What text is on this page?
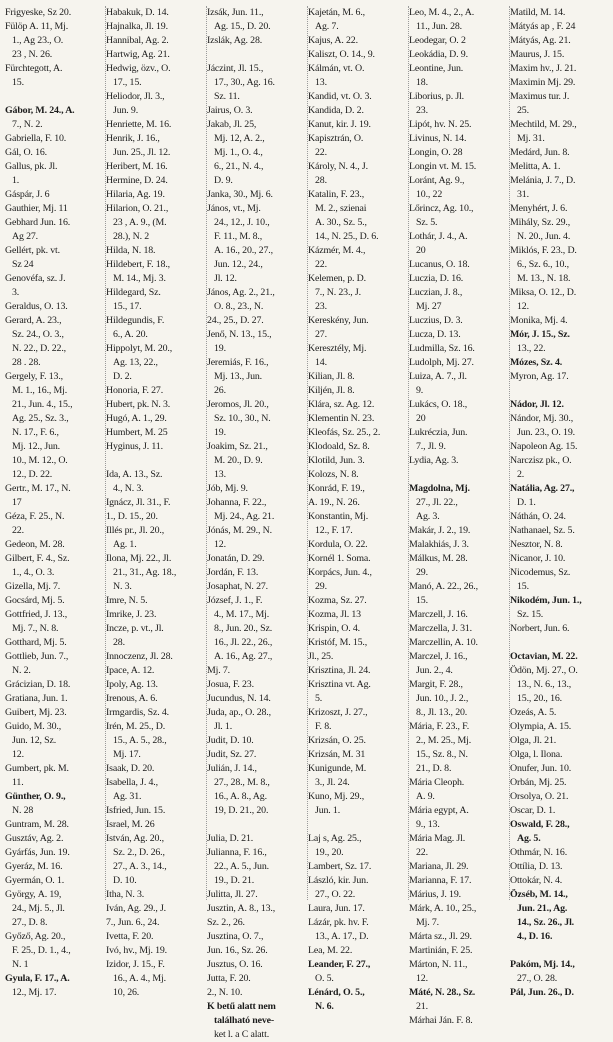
Frigyeske, Sz 20.
Fülöp A. 11, Mj.
1., Ag 23., O.
23 , N. 26.
Fürchtegott, A.
15.

Gábor, M. 24., A.
7., N. 2.
Gabriella, F. 10.
Gál, O. 16.
Gallus, pk. Jl.
1.
Gáspár, J. 6
Gauthier, Mj. 11
Gebhard Jun. 16.
Ag 27.
Gellért, pk. vt.
Sz 24
Genovéfa, sz. J.
3.
Geraldus, O. 13.
Gerard, A. 23.,
Sz. 24., O. 3.,
N. 22., D. 22.,
28 . 28.
Gergely, F. 13.,
M. 1., 16., Mj.
21., Jun. 4., 15.,
Ag. 25., Sz. 3.,
N. 17., F. 6.,
Mj. 12., Jun.
10., M. 12., O.
12., D. 22.
Gertr., M. 17., N.
17
Géza, F. 25., N.
22.
Gedeon, M. 28.
Gilbert, F. 4., Sz.
1., 4., O. 3.
Gizella, Mj. 7.
Gocsárd, Mj. 5.
Gottfried, J. 13.,
Mj. 7., N. 8.
Gotthard, Mj. 5.
Gottlieb, Jun. 7.,
N. 2.
Grácizian, D. 18.
Gratiana, Jun. 1.
Guibert, Mj. 23.
Guido, M. 30.,
Jun. 12, Sz.
12.
Gumbert, pk. M.
11.
Günther, O. 9.,
N. 28
Guntram, M. 28.
Gusztáv, Ag. 2.
Gyárfás, Jun. 19.
Gyeráz, M. 16.
Gyermán, O. 1.
Györgу, A. 19,
24., Mj. 5., Jl.
27., D. 8.
Győző, Ag. 20.,
F. 25., D. 1., 4.,
N. 1
Gyula, F. 17., A.
12., Mj. 17.
Habakuk, D. 14.
Hajnalka, Jl. 19.
Hannibal, Ag. 2.
Hartwig, Ag. 21.
Hedwig, özv., O.
17., 15.
Heliodor, Jl. 3.,
Jun. 9.
Henriette, M. 16.
Henrik, J. 16.,
Jun. 25., Jl. 12.
Heribert, M. 16.
Hermine, D. 24.
Hilaria, Ag. 19.
Hilarion, O. 21.,
23 , A. 9., (M.
28.), N. 2
Hilda, N. 18.
Hildebert, F. 18.,
M. 14., Mj. 3.
Hildegard, Sz.
15., 17.
Hildegundis, F.
6., A. 20.
Hippolyt, M. 20.,
Ag. 13, 22.,
D. 2.
Honoria, F. 27.
Hubert, pk. N. 3.
Hugó, A. 1., 29.
Humbert, M. 25
Hyginus, J. 11.

Ida, A. 13., Sz.
4., N. 3.
Ignácz, Jl. 31., F.
1., D. 15., 20.
Illés pr., Jl. 20.,
Ag. 1.
Ilona, Mj. 22., Jl.
21., 31., Ag. 18.,
N. 3.
Imre, N. 5.
Imrike, J. 23.
Incze, p. vt., Jl.
28.
Innoczenz, Jl. 28.
Ipace, A. 12.
Ipoly, Ag. 13.
Irenous, A. 6.
Irmgardis, Sz. 4.
Irén, M. 25., D.
15., A. 5., 28.,
Mj. 17.
Isaak, D. 20.
Isabella, J. 4.,
Ag. 31.
Isfried, Jun. 15.
Israel, M. 26
István, Ag. 20.,
Sz. 2., D. 26.,
27., A. 3., 14.,
D. 10.
Itha, N. 3.
Iván, Ag. 29., J.
7., Jun. 6., 24.
Ivetta, F. 20.
Ivó, hv., Mj. 19.
Izidor, J. 15., F.
16., A. 4., Mj.
10, 26.
Izsák, Jun. 11.,
Ag. 15., D. 20.
Izslák, Ag. 28.

Jáczint, Jl. 15.,
17., 30., Ag. 16.
Sz. 11.
Jairus, O. 3.
Jakab, Jl. 25,
Mj. 12, A. 2.,
Mj. 1., O. 4.,
6., 21., N. 4.,
D. 9.
Janka, 30., Mj. 6.
János, vt., Mj.
24., 12., J. 10.,
F. 11., M. 8.,
A. 16., 20., 27.,
Jun. 12., 24.,
Jl. 12.
János, Ag. 2., 21.,
O. 8., 23., N.
24., 25., D. 27.
Jenő, N. 13., 15.,
19.
Jeremiás, F. 16.,
Mj. 13., Jun.
26.
Jeromos, Jl. 20.,
Sz. 10., 30., N.
19.
Joakim, Sz. 21.,
M. 20., D. 9.
13.
Jób, Mj. 9.
Johanna, F. 22.,
Mj. 24., Ag. 21.
Jónás, M. 29., N.
12.
Jonatán, D. 29.
Jordán, F. 13.
Josaphat, N. 27.
József, J. 1., F.
4., M. 17., Mj.
8., Jun. 20., Sz.
16., Jl. 22., 26.,
A. 16., Ag. 27.,
Mj. 7.
Josua, F. 23.
Jucundus, N. 14.
Juda, ap., O. 28.,
Jl. 1.
Judit, D. 10.
Judit, Sz. 27.
Julián, J. 14.,
27., 28., M. 8.,
16., A. 8., Ag.
19, D. 21., 20.

Julia, D. 21.
Julianna, F. 16.,
22., A. 5., Jun.
19., D. 21.
Julitta, Jl. 27.
Jusztin, A. 8., 13.,
Sz. 2., 26.
Jusztina, O. 7.,
Jun. 16., Sz. 26.
Jusztus, O. 16.
Jutta, F. 20.
2., N. 10.
K betű alatt nem
található neve-
ket l. a C alatt.
Kajetán, M. 6.,
Ag. 7.
Kajus, A. 22.
Kaliszt, O. 14., 9.
Kálmán, vt. O.
13.
Kandid, vt. O. 3.
Kandida, D. 2.
Kanut, kir. J. 19.
Kapisztrán, O.
22.
Károly, N. 4., J.
28.
Katalin, F. 23.,
M. 2., szienai
A. 30., Sz. 5.,
14., N. 25., D. 6.
Kázmér, M. 4.,
22.
Kelemen, p. D.
7., N. 23., J.
23.
Kereskény, Jun.
27.
Keresztély, Mj.
14.
Kilian, Jl. 8.
Kiljén, Jl. 8.
Klára, sz. Ag. 12.
Klementin N. 23.
Kleofás, Sz. 25., 2.
Klodoald, Sz. 8.
Klotild, Jun. 3.
Kolozs, N. 8.
Konrád, F. 19.,
A. 19., N. 26.
Konstantin, Mj.
12., F. 17.
Kordula, O. 22.
Kornél 1. Soma.
Korpács, Jun. 4.,
29.
Kozma, Sz. 27.
Kozma, Jl. 13
Krispin, O. 4.
Kristóf, M. 15.,
Jl., 25.
Krisztina, Jl. 24.
Krisztina vt. Ag.
5.
Krizoszt, J. 27.,
F. 8.
Krizsán, O. 25.
Krizsán, M. 31
Kunigunde, M.
3., Jl. 24.
Kuno, Mj. 29.,
Jun. 1.

Laj s, Ag. 25.,
19., 20.
Lambert, Sz. 17.
László, kir. Jun.
27., O. 22.
Laura, Jun. 17.
Lázár, pk. hv. F.
13., A. 17., D.
Lea, M. 22.
Leander, F. 27.,
O. 5.
Lénárd, O. 5.,
N. 6.
Leo, M. 4., 2., A.
11., Jun. 28.
Leodegar, O. 2
Leokádia, D. 9.
Leontine, Jun.
18.
Liborius, p. Jl.
23.
Lipót, hv. N. 25.
Livinus, N. 14.
Longin, O. 28
Longin vt. M. 15.
Loránt, Ag. 9.,
10., 22
Lőrincz, Ag. 10.,
Sz. 5.
Lothár, J. 4., A.
20
Lucanus, O. 18.
Luczia, D. 16.
Luczian, J. 8.,
Mj. 27
Luczius, D. 3.
Lucza, D. 13.
Ludmilla, Sz. 16.
Ludolph, Mj. 27.
Luiza, A. 7., Jl.
9.
Lukács, O. 18.,
20
Lukréczia, Jun.
7., Jl. 9.
Lydia, Ag. 3.

Magdolna, Mj.
27., Jl. 22.,
Ag. 3.
Makár, J. 2., 19.
Malakhiás, J. 3.
Málkus, M. 28.
29.
Manó, A. 22., 26.,
15.
Marczell, J. 16.
Marczella, J. 31.
Marczellin, A. 10.
Marczel, J. 16.,
Jun. 2., 4.
Margit, F. 28.,
Jun. 10., J. 2.,
8., Jl. 13., 20.
Mária, F. 23., F.
2., M. 25., Mj.
15., Sz. 8., N.
21., D. 8.
Mária Cleoph.
A. 9.
Mária egypt, A.
9., 13.
Mária Mag. Jl.
22.
Mariana, Jl. 29.
Marianna, F. 17.
Márius, J. 19.
Márk, A. 10., 25.,
Mj. 7.
Márta sz., Jl. 29.
Martinián, F. 25.
Márton, N. 11.,
12.
Máté, N. 28., Sz.
21.
Márhai Ján. F. 8.
Matild, M. 14.
Mátyás ap , F. 24
Mátyás, Ag. 21.
Maurus, J. 15.
Maxim hv., J. 21.
Maximin Mj. 29.
Maximus tur. J.
25.
Mechtild, M. 29.,
Mj. 31.
Medárd, Jun. 8.
Melitta, A. 1.
Melánia, J. 7., D.
31.
Menyhért, J. 6.
Mihály, Sz. 29.,
N. 20., Jun. 4.
Miklós, F. 23., D.
6., Sz. 6., 10.,
M. 13., N. 18.
Miksa, O. 12., D.
12.
Monika, Mj. 4.
Mór, J. 15., Sz.
13., 22.
Mózes, Sz. 4.
Myron, Ag. 17.

Nádor, Jl. 12.
Nándor, Mj. 30.,
Jun. 23., O. 19.
Napoleon Ag. 15.
Narczisz pk., O.
2.
Natália, Ag. 27.,
D. 1.
Náthán, O. 24.
Nathanael, Sz. 5.
Nesztor, N. 8.
Nicanor, J. 10.
Nicodemus, Sz.
15.
Nikodém, Jun. 1.,
Sz. 15.
Norbert, Jun. 6.

Octavian, M. 22.
Ödön, Mj. 27., O.
13., N. 6., 13.,
15., 20., 16.
Ozeás, A. 5.
Olympia, A. 15.
Olga, Jl. 21.
Olga, l. Ilona.
Onufer, Jun. 10.
Orbán, Mj. 25.
Orsolya, O. 21.
Oscar, D. 1.
Oswald, F. 28.,
Ag. 5.
Othmár, N. 16.
Ottília, D. 13.
Ottokár, N. 4.
Özséb, M. 14.,
Jun. 21., Ag.
14., Sz. 26., Jl.
4., D. 16.

Pakóm, Mj. 14.,
27., O. 28.
Pál, Jun. 26., D.
